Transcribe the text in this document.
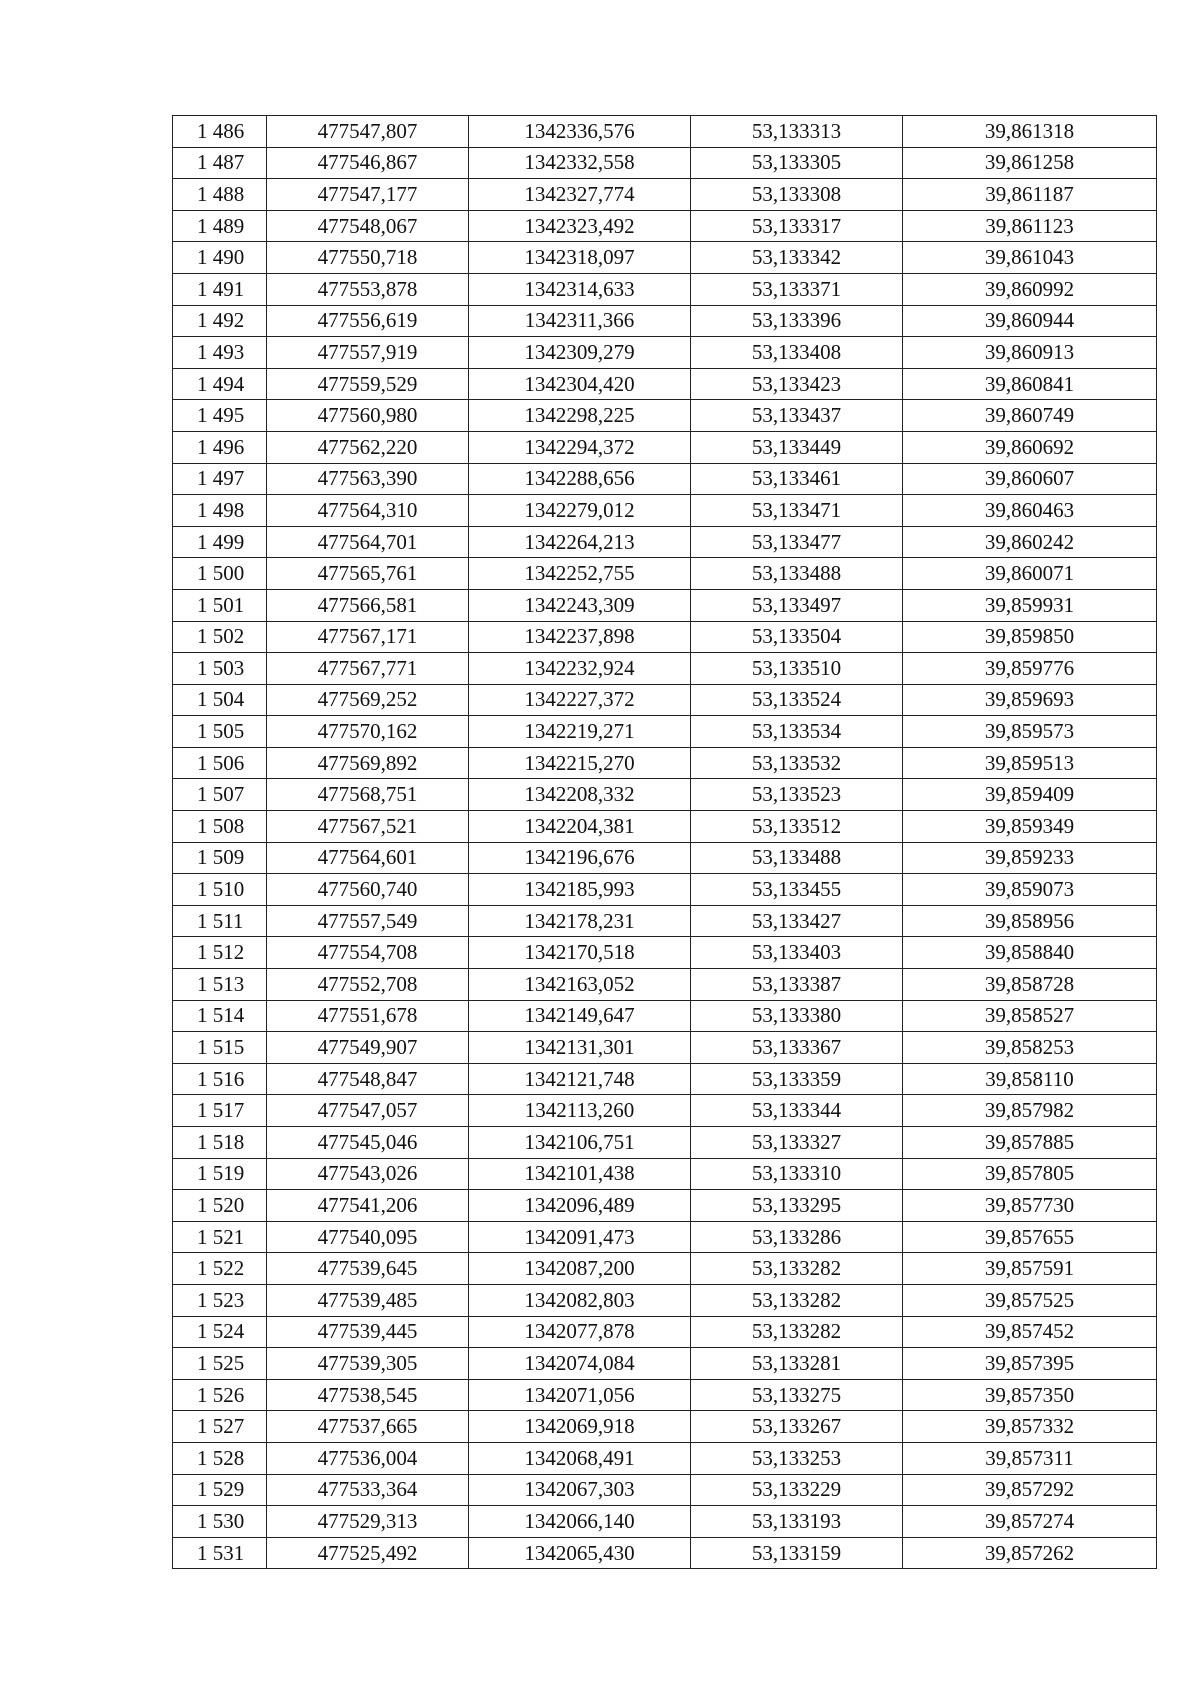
1 486	477547,807	1342336,576	53,133313	39,861318
1 487	477546,867	1342332,558	53,133305	39,861258
1 488	477547,177	1342327,774	53,133308	39,861187
1 489	477548,067	1342323,492	53,133317	39,861123
1 490	477550,718	1342318,097	53,133342	39,861043
1 491	477553,878	1342314,633	53,133371	39,860992
1 492	477556,619	1342311,366	53,133396	39,860944
1 493	477557,919	1342309,279	53,133408	39,860913
1 494	477559,529	1342304,420	53,133423	39,860841
1 495	477560,980	1342298,225	53,133437	39,860749
1 496	477562,220	1342294,372	53,133449	39,860692
1 497	477563,390	1342288,656	53,133461	39,860607
1 498	477564,310	1342279,012	53,133471	39,860463
1 499	477564,701	1342264,213	53,133477	39,860242
1 500	477565,761	1342252,755	53,133488	39,860071
1 501	477566,581	1342243,309	53,133497	39,859931
1 502	477567,171	1342237,898	53,133504	39,859850
1 503	477567,771	1342232,924	53,133510	39,859776
1 504	477569,252	1342227,372	53,133524	39,859693
1 505	477570,162	1342219,271	53,133534	39,859573
1 506	477569,892	1342215,270	53,133532	39,859513
1 507	477568,751	1342208,332	53,133523	39,859409
1 508	477567,521	1342204,381	53,133512	39,859349
1 509	477564,601	1342196,676	53,133488	39,859233
1 510	477560,740	1342185,993	53,133455	39,859073
1 511	477557,549	1342178,231	53,133427	39,858956
1 512	477554,708	1342170,518	53,133403	39,858840
1 513	477552,708	1342163,052	53,133387	39,858728
1 514	477551,678	1342149,647	53,133380	39,858527
1 515	477549,907	1342131,301	53,133367	39,858253
1 516	477548,847	1342121,748	53,133359	39,858110
1 517	477547,057	1342113,260	53,133344	39,857982
1 518	477545,046	1342106,751	53,133327	39,857885
1 519	477543,026	1342101,438	53,133310	39,857805
1 520	477541,206	1342096,489	53,133295	39,857730
1 521	477540,095	1342091,473	53,133286	39,857655
1 522	477539,645	1342087,200	53,133282	39,857591
1 523	477539,485	1342082,803	53,133282	39,857525
1 524	477539,445	1342077,878	53,133282	39,857452
1 525	477539,305	1342074,084	53,133281	39,857395
1 526	477538,545	1342071,056	53,133275	39,857350
1 527	477537,665	1342069,918	53,133267	39,857332
1 528	477536,004	1342068,491	53,133253	39,857311
1 529	477533,364	1342067,303	53,133229	39,857292
1 530	477529,313	1342066,140	53,133193	39,857274
1 531	477525,492	1342065,430	53,133159	39,857262
